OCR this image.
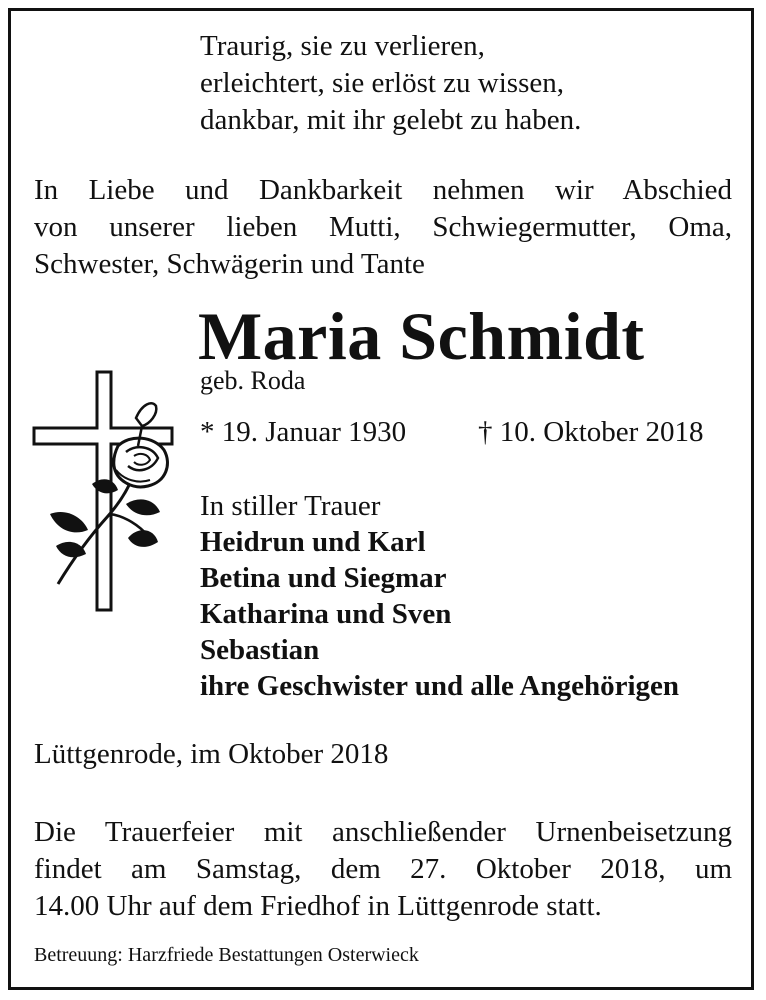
Traurig, sie zu verlieren,
erleichtert, sie erlöst zu wissen,
dankbar, mit ihr gelebt zu haben.
In Liebe und Dankbarkeit nehmen wir Abschied
von unserer lieben Mutti, Schwiegermutter, Oma,
Schwester, Schwägerin und Tante
Maria Schmidt
geb. Roda
* 19. Januar 1930 † 10. Oktober 2018
In stiller Trauer
Heidrun und Karl
Betina und Siegmar
Katharina und Sven
Sebastian
ihre Geschwister und alle Angehörigen
Lüttgenrode, im Oktober 2018
Die Trauerfeier mit anschließender Urnenbeisetzung
findet am Samstag, dem 27. Oktober 2018, um
14.00 Uhr auf dem Friedhof in Lüttgenrode statt.
Betreuung: Harzfriede Bestattungen Osterwieck
